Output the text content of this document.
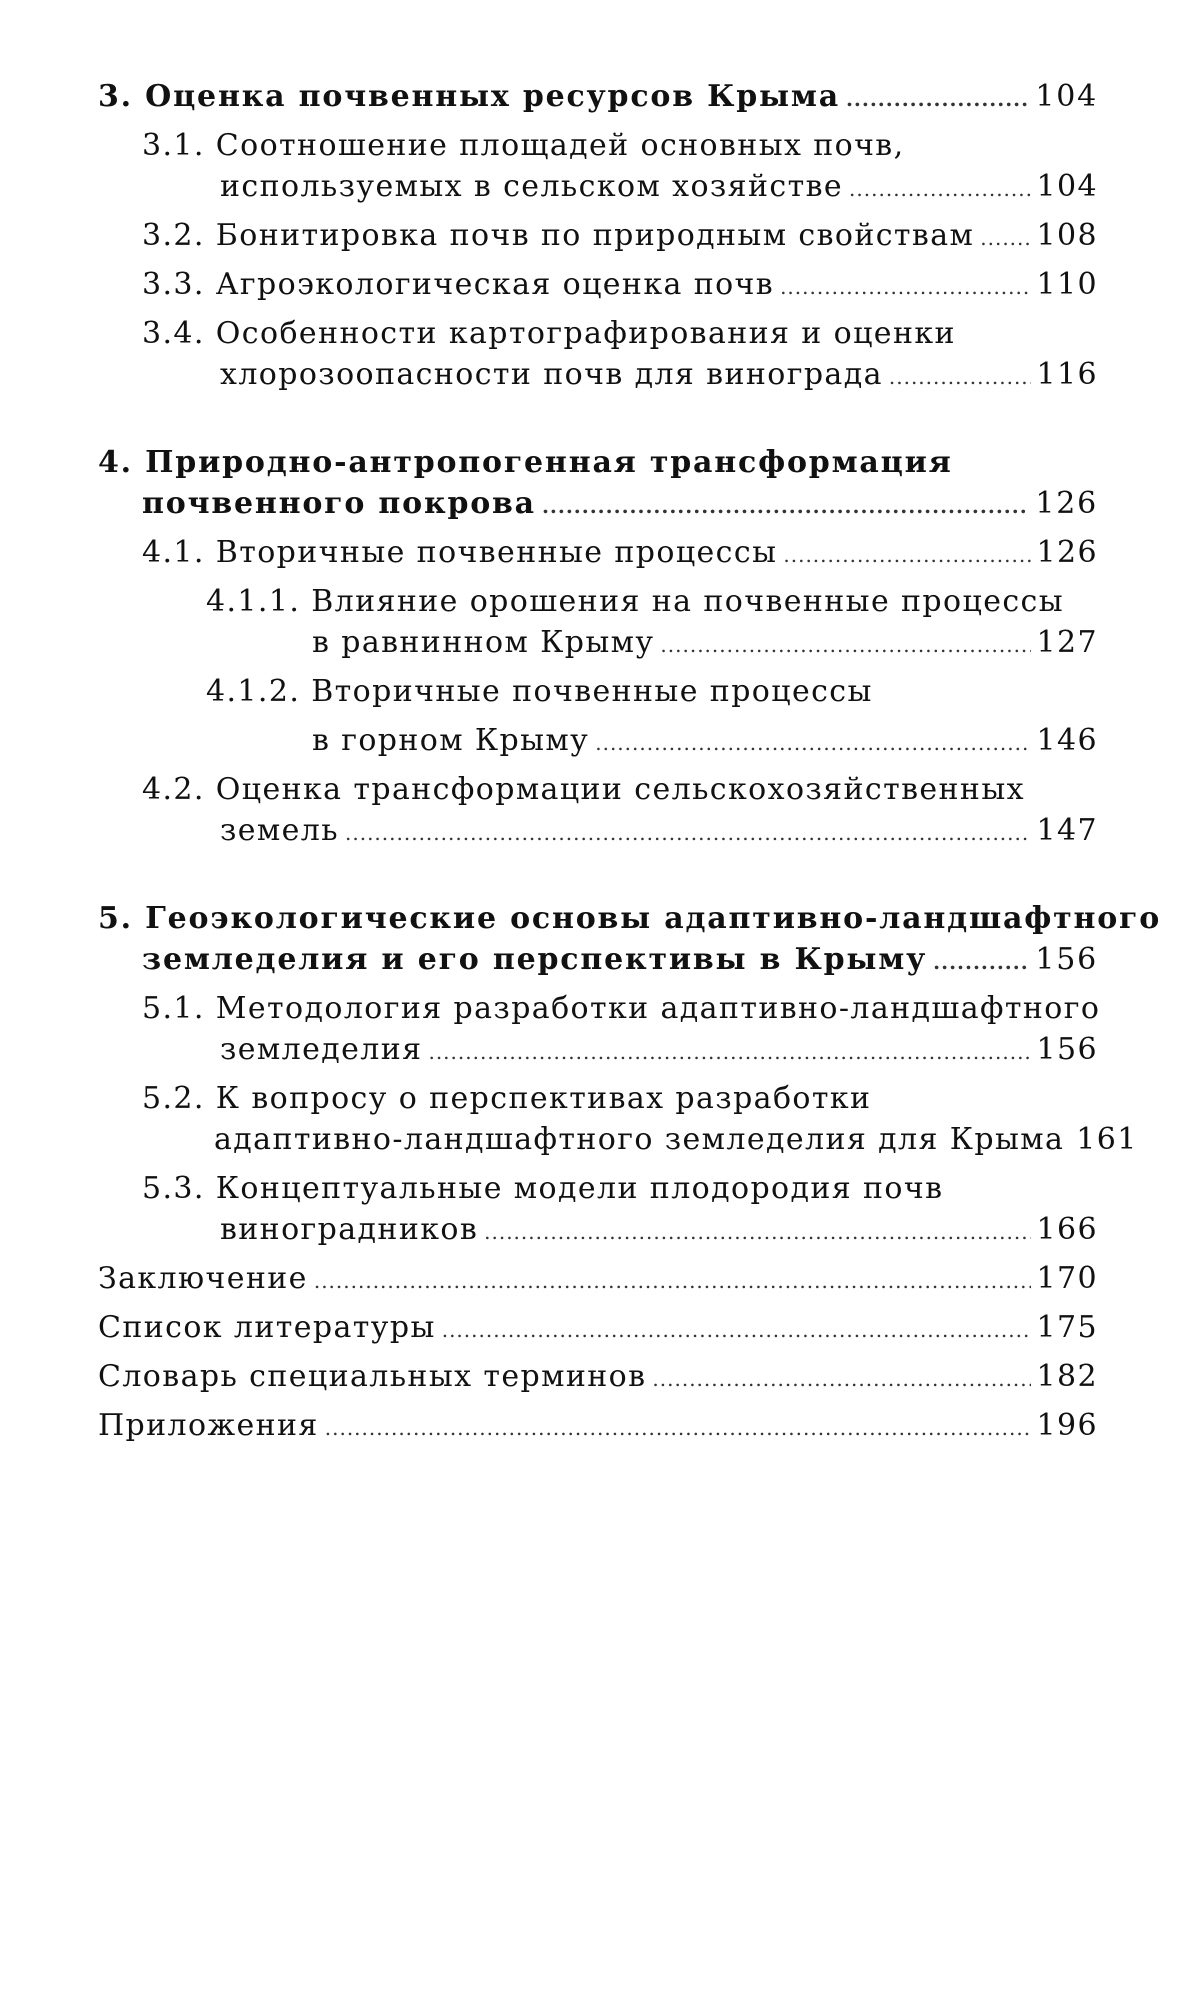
3. Оценка почвенных ресурсов Крыма .....	104
3.1. Соотношение площадей основных почв,
используемых в сельском хозяйстве .....	104
3.2. Бонитировка почв по природным свойствам ..... 108
3.3. Агроэкологическая оценка почв .....	110
3.4. Особенности картографирования и оценки
хлорозоопасности почв для винограда .....	116
4. Природно-антропогенная трансформация
почвенного покрова .....	126
4.1. Вторичные почвенные процессы .....	126
4.1.1. Влияние орошения на почвенные процессы
в равнинном Крыму .....	127
4.1.2. Вторичные почвенные процессы
в горном Крыму .....	146
4.2. Оценка трансформации сельскохозяйственных
земель .....	147
5. Геоэкологические основы адаптивно-ландшафтного
земледелия и его перспективы в Крыму .....	156
5.1. Методология разработки адаптивно-ландшафтного
земледелия .....	156
5.2. К вопросу о перспективах разработки
адаптивно-ландшафтного земледелия для Крыма 161
5.3. Концептуальные модели плодородия почв
виноградников .....	166
Заключение .....	170
Список литературы .....	175
Словарь специальных терминов .....	182
Приложения .....	196
